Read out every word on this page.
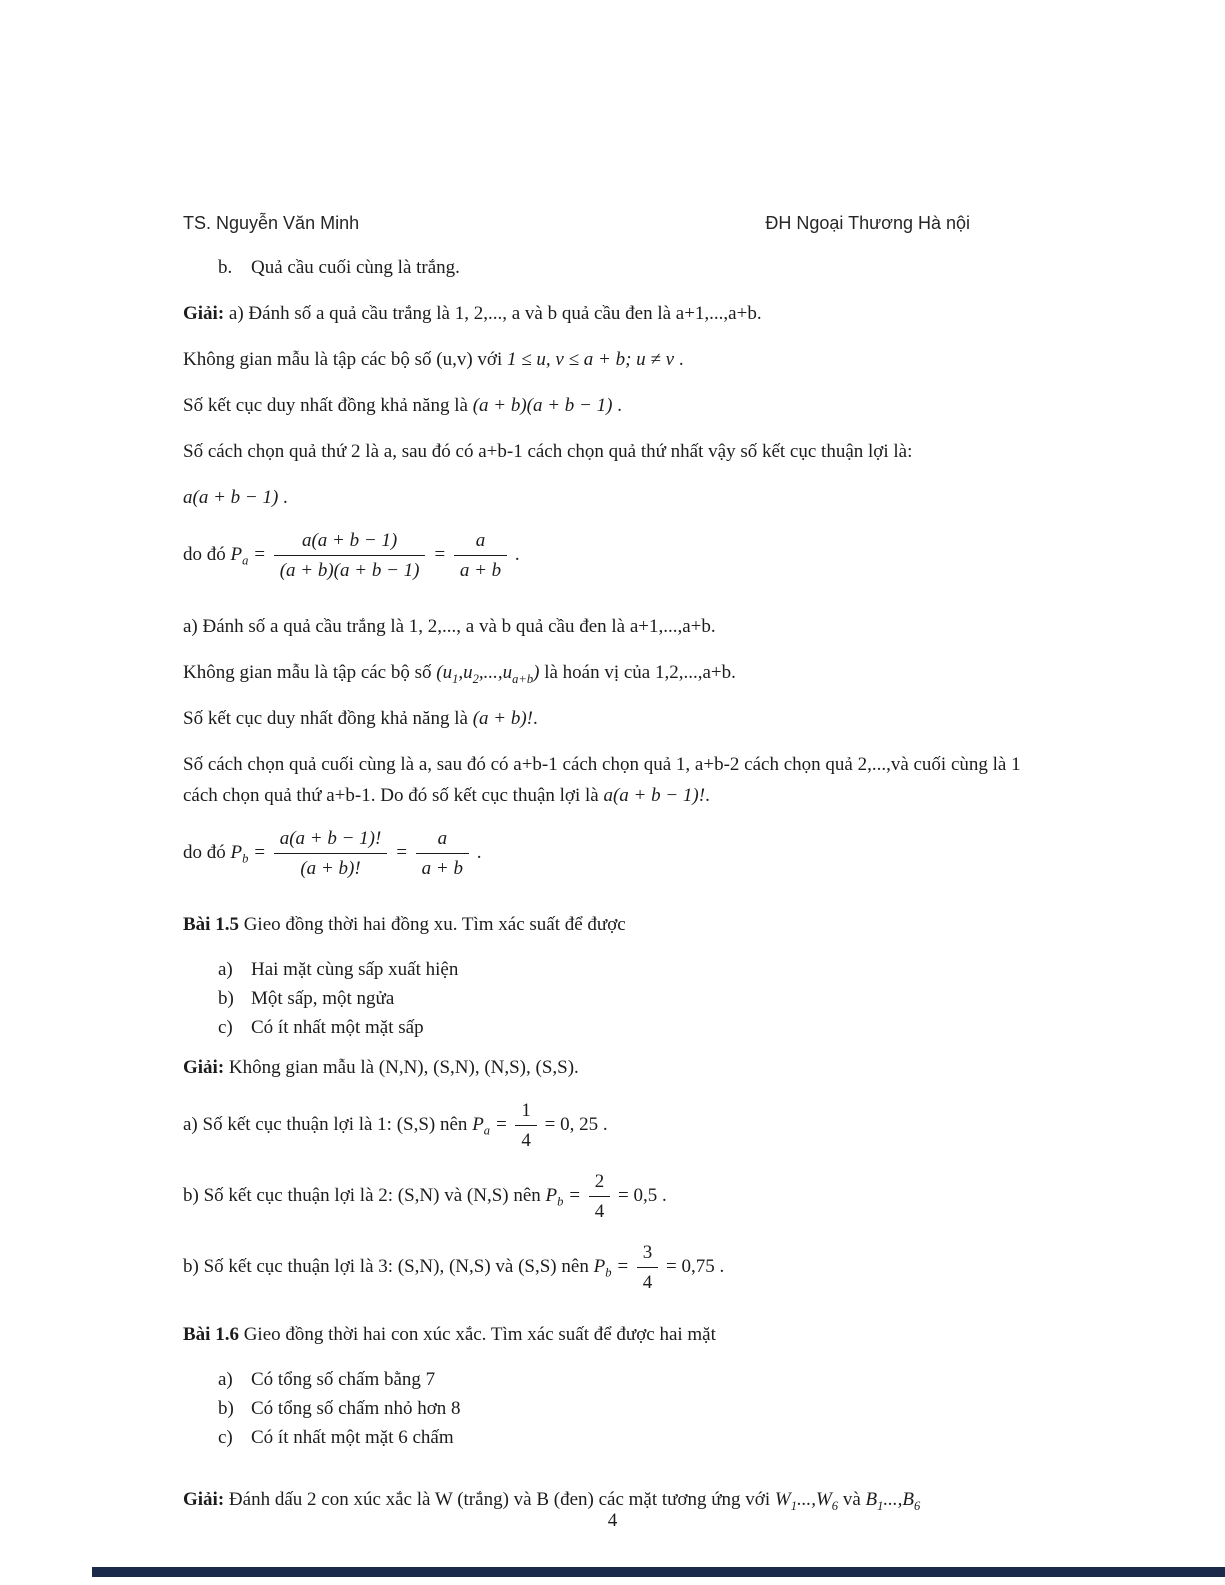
TS. Nguyễn Văn Minh	ĐH Ngoại Thương Hà nội

b. Quả cầu cuối cùng là trắng.

Giải: a) Đánh số a quả cầu trắng là 1, 2,..., a và b quả cầu đen là a+1,...,a+b.

Không gian mẫu là tập các bộ số (u,v) với 1 ≤ u, v ≤ a + b; u ≠ v .

Số kết cục duy nhất đồng khả năng là (a + b)(a + b − 1) .

Số cách chọn quả thứ 2 là a, sau đó có a+b-1 cách chọn quả thứ nhất vậy số kết cục thuận lợi là:

a(a + b − 1) .

do đó $P_a = \frac{a(a + b - 1)}{(a + b)(a + b - 1)} = \frac{a}{a + b}$ .

a) Đánh số a quả cầu trắng là 1, 2,..., a và b quả cầu đen là a+1,...,a+b.

Không gian mẫu là tập các bộ số $(u_1,u_2,...,u_{a+b})$ là hoán vị của 1,2,...,a+b.

Số kết cục duy nhất đồng khả năng là (a + b)!.

Số cách chọn quả cuối cùng là a, sau đó có a+b-1 cách chọn quả 1, a+b-2 cách chọn quả 2,...,và cuối cùng là 1 cách chọn quả thứ a+b-1. Do đó số kết cục thuận lợi là a(a + b − 1)!.

do đó $P_b = \frac{a(a + b - 1)!}{(a + b)!} = \frac{a}{a + b}$ .

Bài 1.5 Gieo đồng thời hai đồng xu. Tìm xác suất để được

a) Hai mặt cùng sấp xuất hiện
b) Một sấp, một ngửa
c) Có ít nhất một mặt sấp

Giải: Không gian mẫu là (N,N), (S,N), (N,S), (S,S).

a) Số kết cục thuận lợi là 1: (S,S) nên $P_a = \frac{1}{4} = 0$, 25 .

b) Số kết cục thuận lợi là 2: (S,N) và (N,S) nên $P_b = \frac{2}{4} = 0,5$ .

b) Số kết cục thuận lợi là 3: (S,N), (N,S) và (S,S) nên $P_b = \frac{3}{4} = 0,75$ .

Bài 1.6 Gieo đồng thời hai con xúc xắc. Tìm xác suất để được hai mặt

a) Có tổng số chấm bằng 7
b) Có tổng số chấm nhỏ hơn 8
c) Có ít nhất một mặt 6 chấm

Giải: Đánh dấu 2 con xúc xắc là W (trắng) và B (đen) các mặt tương ứng với $W_1...,W_6$ và $B_1...,B_6$

4
